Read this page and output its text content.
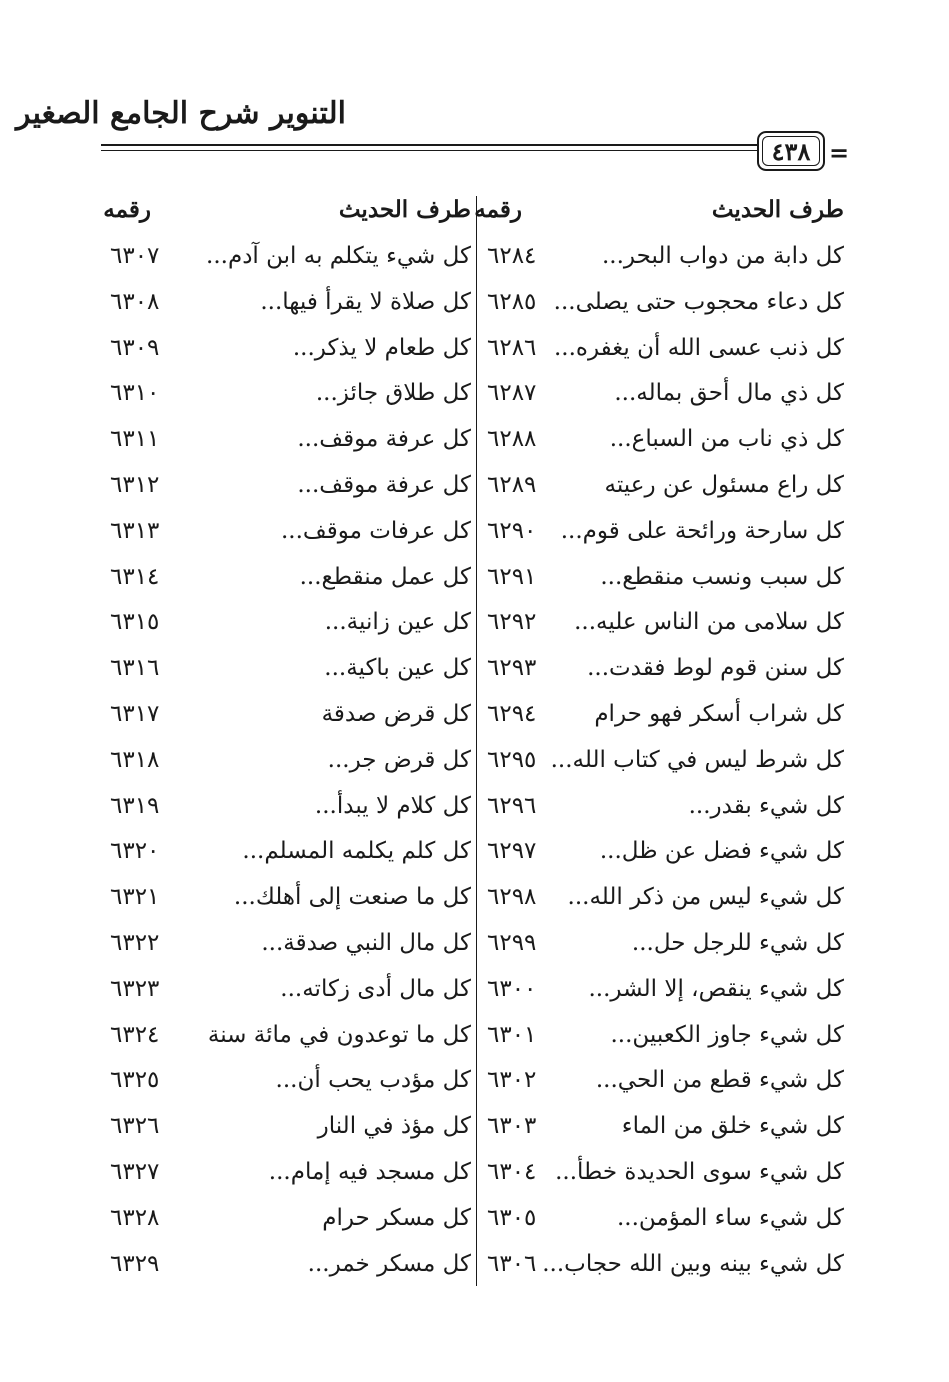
التنوير شرح الجامع الصغير
٤٣٨ =
طرف الحديث
رقمه
طرف الحديث
رقمه
كل دابة من دواب البحر...
٦٢٨٤
كل شيء يتكلم به ابن آدم...
٦٣٠٧
كل دعاء محجوب حتى يصلى...
٦٢٨٥
كل صلاة لا يقرأ فيها...
٦٣٠٨
كل ذنب عسى الله أن يغفره...
٦٢٨٦
كل طعام لا يذكر...
٦٣٠٩
كل ذي مال أحق بماله...
٦٢٨٧
كل طلاق جائز...
٦٣١٠
كل ذي ناب من السباع...
٦٢٨٨
كل عرفة موقف...
٦٣١١
كل راع مسئول عن رعيته
٦٢٨٩
كل عرفة موقف...
٦٣١٢
كل سارحة ورائحة على قوم...
٦٢٩٠
كل عرفات موقف...
٦٣١٣
كل سبب ونسب منقطع...
٦٢٩١
كل عمل منقطع...
٦٣١٤
كل سلامى من الناس عليه...
٦٢٩٢
كل عين زانية...
٦٣١٥
كل سنن قوم لوط فقدت...
٦٢٩٣
كل عين باكية...
٦٣١٦
كل شراب أسكر فهو حرام
٦٢٩٤
كل قرض صدقة
٦٣١٧
كل شرط ليس في كتاب الله...
٦٢٩٥
كل قرض جر...
٦٣١٨
كل شيء بقدر...
٦٢٩٦
كل كلام لا يبدأ...
٦٣١٩
كل شيء فضل عن ظل...
٦٢٩٧
كل كلم يكلمه المسلم...
٦٣٢٠
كل شيء ليس من ذكر الله...
٦٢٩٨
كل ما صنعت إلى أهلك...
٦٣٢١
كل شيء للرجل حل...
٦٢٩٩
كل مال النبي صدقة...
٦٣٢٢
كل شيء ينقص، إلا الشر...
٦٣٠٠
كل مال أدى زكاته...
٦٣٢٣
كل شيء جاوز الكعبين...
٦٣٠١
كل ما توعدون في مائة سنة
٦٣٢٤
كل شيء قطع من الحي...
٦٣٠٢
كل مؤدب يحب أن...
٦٣٢٥
كل شيء خلق من الماء
٦٣٠٣
كل مؤذ في النار
٦٣٢٦
كل شيء سوى الحديدة خطأ...
٦٣٠٤
كل مسجد فيه إمام...
٦٣٢٧
كل شيء ساء المؤمن...
٦٣٠٥
كل مسكر حرام
٦٣٢٨
كل شيء بينه وبين الله حجاب...
٦٣٠٦
كل مسكر خمر...
٦٣٢٩
